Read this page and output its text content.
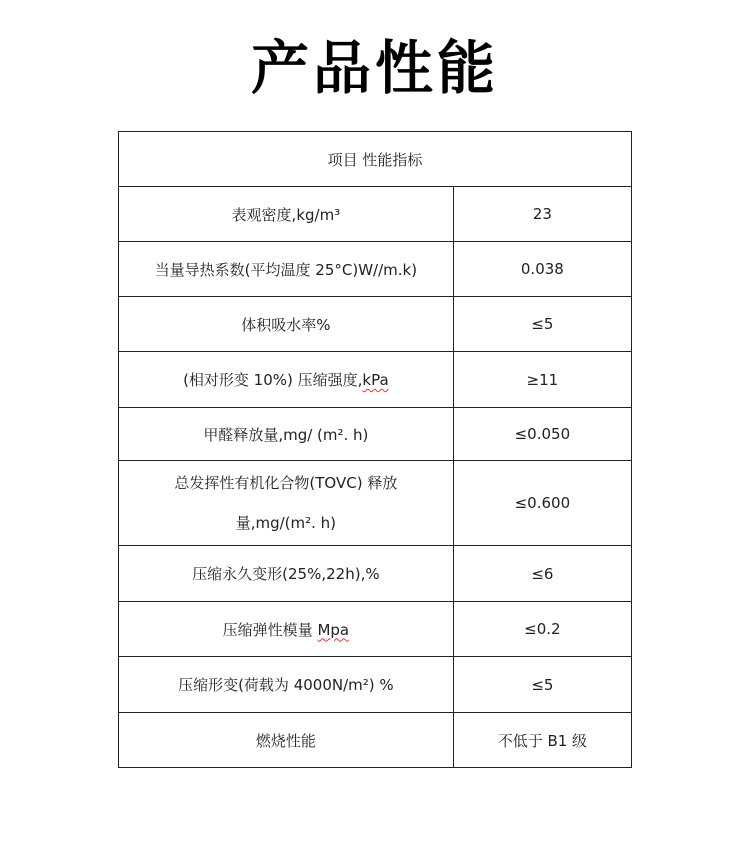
产品性能
项目 性能指标	
表观密度,kg/m³	23
当量导热系数(平均温度 25°C)W//m.k)	0.038
体积吸水率%	≤5
(相对形变 10%) 压缩强度,kPa	≥11
甲醛释放量,mg/ (m². h)	≤0.050

总发挥性有机化合物(TOVC) 释放
量,mg/(m². h)	≤0.600
压缩永久变形(25%,22h),%	≤6
压缩弹性模量 Mpa	≤0.2
压缩形变(荷载为 4000N/m²) %	≤5
燃烧性能	不低于 B1 级
